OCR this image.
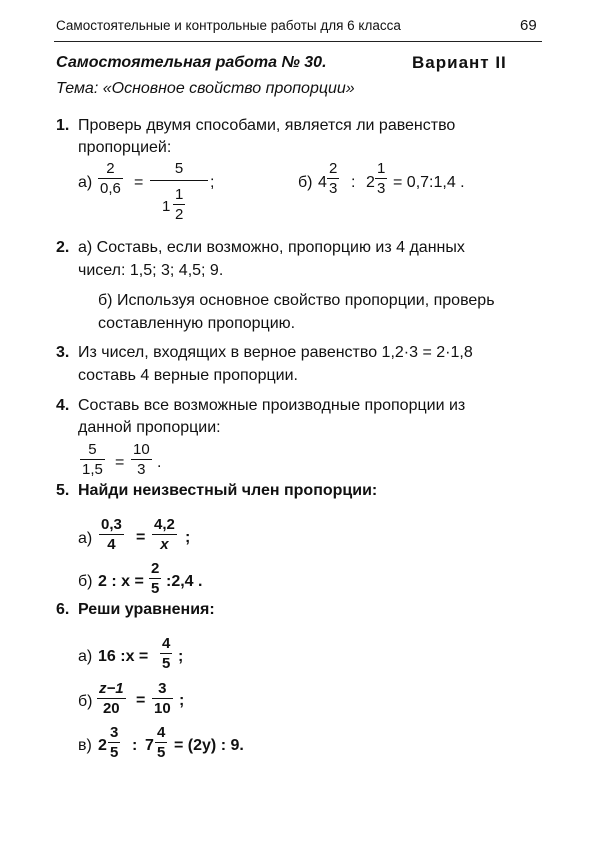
Самостоятельные и контрольные работы для 6 класса	69
Самостоятельная работа № 30.	Вариант II
Тема: «Основное свойство пропорции»
1. Проверь двумя способами, является ли равенство
пропорцией:
а)
2
0,6 =
5
1
1
2
;	б) 4
2
3 : 2
1
3 = 0,7:1,4 .
2. а) Составь, если возможно, пропорцию из 4 данных
чисел: 1,5; 3; 4,5; 9.
б) Используя основное свойство пропорции, проверь
составленную пропорцию.
3. Из чисел, входящих в верное равенство 1,2·3 = 2·1,8
составь 4 верные пропорции.
4. Составь все возможные производные пропорции из
данной пропорции:
5
1,5 =
10
3 .
5. Найди неизвестный член пропорции:
а)
0,3
4 =
4,2
x ;
б) 2 : x =
2
5 :2,4 .
6. Реши уравнения:
а) 16 :x =
4
5 ;
б)
z−1
20 =
3
10 ;
в) 2
3
5 : 7
4
5 = (2y) : 9.
